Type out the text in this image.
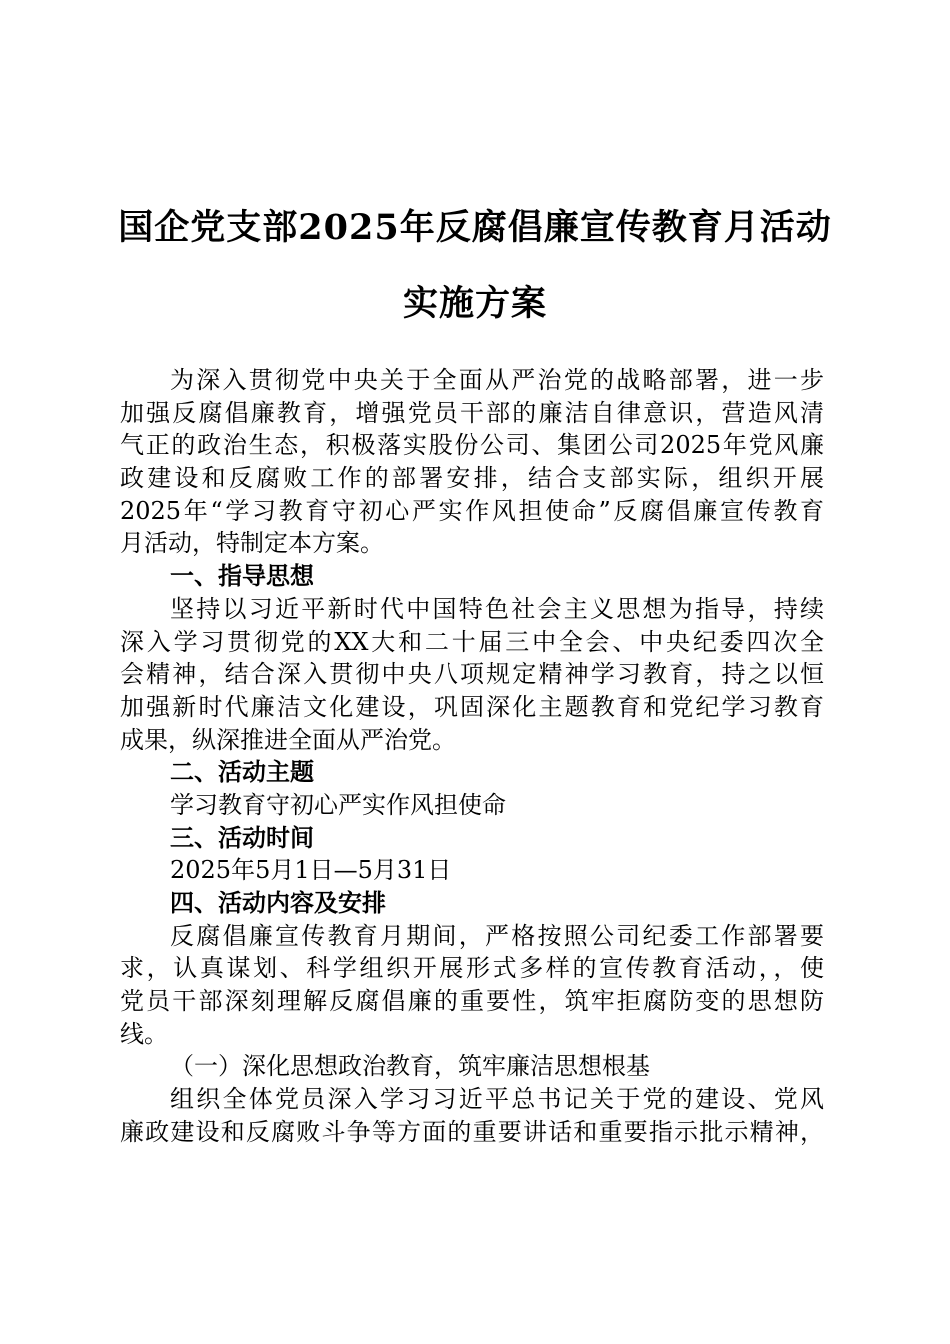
国企党支部2025年反腐倡廉宣传教育月活动
实施方案
为深入贯彻党中央关于全面从严治党的战略部署，进一步
加强反腐倡廉教育，增强党员干部的廉洁自律意识，营造风清
气正的政治生态，积极落实股份公司、集团公司2025年党风廉
政建设和反腐败工作的部署安排，结合支部实际，组织开展
2025年“学习教育守初心严实作风担使命”反腐倡廉宣传教育
月活动，特制定本方案。
一、指导思想
坚持以习近平新时代中国特色社会主义思想为指导，持续
深入学习贯彻党的XX大和二十届三中全会、中央纪委四次全
会精神，结合深入贯彻中央八项规定精神学习教育，持之以恒
加强新时代廉洁文化建设，巩固深化主题教育和党纪学习教育
成果，纵深推进全面从严治党。
二、活动主题
学习教育守初心严实作风担使命
三、活动时间
2025年5月1日—5月31日
四、活动内容及安排
反腐倡廉宣传教育月期间，严格按照公司纪委工作部署要
求，认真谋划、科学组织开展形式多样的宣传教育活动，，使
党员干部深刻理解反腐倡廉的重要性，筑牢拒腐防变的思想防
线。
（一）深化思想政治教育，筑牢廉洁思想根基
组织全体党员深入学习习近平总书记关于党的建设、党风
廉政建设和反腐败斗争等方面的重要讲话和重要指示批示精神，
